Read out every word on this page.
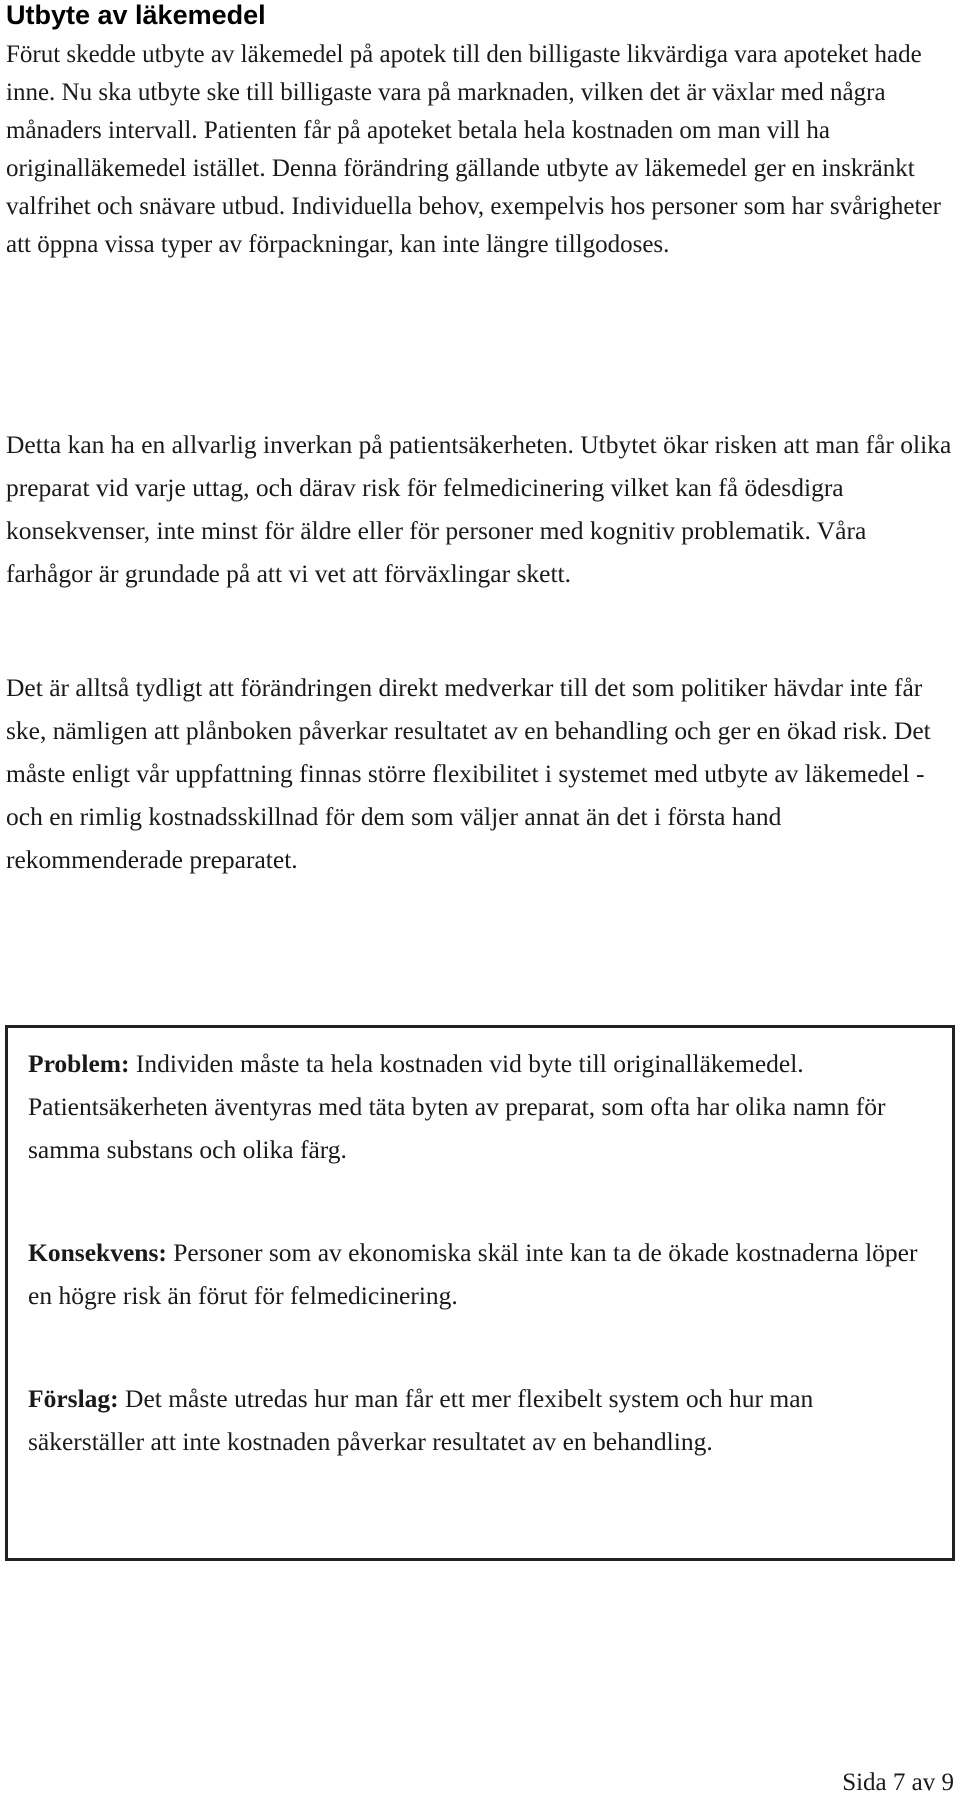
Utbyte av läkemedel

Förut skedde utbyte av läkemedel på apotek till den billigaste likvärdiga vara apoteket hade inne. Nu ska utbyte ske till billigaste vara på marknaden, vilken det är växlar med några månaders intervall. Patienten får på apoteket betala hela kostnaden om man vill ha originalläkemedel istället. Denna förändring gällande utbyte av läkemedel ger en inskränkt valfrihet och snävare utbud. Individuella behov, exempelvis hos personer som har svårigheter att öppna vissa typer av förpackningar, kan inte längre tillgodoses.

Detta kan ha en allvarlig inverkan på patientsäkerheten. Utbytet ökar risken att man får olika preparat vid varje uttag, och därav risk för felmedicinering vilket kan få ödesdigra konsekvenser, inte minst för äldre eller för personer med kognitiv problematik. Våra farhågor är grundade på att vi vet att förväxlingar skett.

Det är alltså tydligt att förändringen direkt medverkar till det som politiker hävdar inte får ske, nämligen att plånboken påverkar resultatet av en behandling och ger en ökad risk. Det måste enligt vår uppfattning finnas större flexibilitet i systemet med utbyte av läkemedel - och en rimlig kostnadsskillnad för dem som väljer annat än det i första hand rekommenderade preparatet.

Problem: Individen måste ta hela kostnaden vid byte till originalläkemedel. Patientsäkerheten äventyras med täta byten av preparat, som ofta har olika namn för samma substans och olika färg.

Konsekvens: Personer som av ekonomiska skäl inte kan ta de ökade kostnaderna löper en högre risk än förut för felmedicinering.

Förslag: Det måste utredas hur man får ett mer flexibelt system och hur man säkerställer att inte kostnaden påverkar resultatet av en behandling.

Sida 7 av 9
